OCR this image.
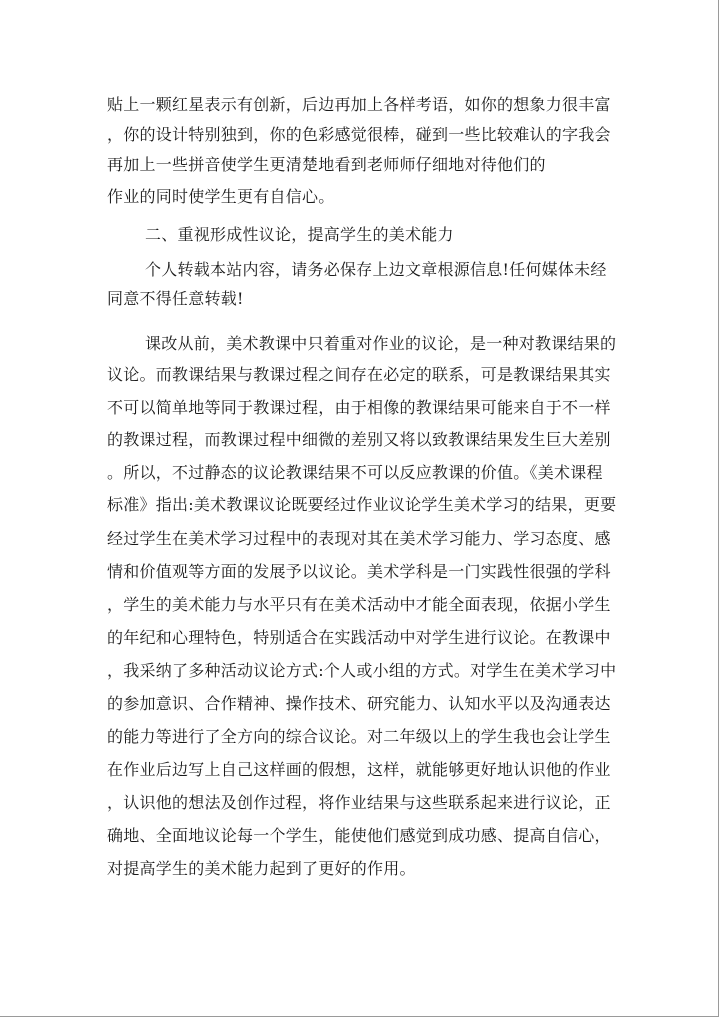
贴上一颗红星表示有创新，后边再加上各样考语，如你的想象力很丰富
，你的设计特别独到，你的色彩感觉很棒，碰到一些比较难认的字我会
再加上一些拼音使学生更清楚地看到老师师仔细地对待他们的
作业的同时使学生更有自信心。
二、重视形成性议论，提高学生的美术能力
个人转载本站内容，请务必保存上边文章根源信息!任何媒体未经
同意不得任意转载!
课改从前，美术教课中只着重对作业的议论，是一种对教课结果的
议论。而教课结果与教课过程之间存在必定的联系，可是教课结果其实
不可以简单地等同于教课过程，由于相像的教课结果可能来自于不一样
的教课过程，而教课过程中细微的差别又将以致教课结果发生巨大差别
。所以，不过静态的议论教课结果不可以反应教课的价值。《美术课程
标准》指出:美术教课议论既要经过作业议论学生美术学习的结果，更要
经过学生在美术学习过程中的表现对其在美术学习能力、学习态度、感
情和价值观等方面的发展予以议论。美术学科是一门实践性很强的学科
，学生的美术能力与水平只有在美术活动中才能全面表现，依据小学生
的年纪和心理特色，特别适合在实践活动中对学生进行议论。在教课中
，我采纳了多种活动议论方式:个人或小组的方式。对学生在美术学习中
的参加意识、合作精神、操作技术、研究能力、认知水平以及沟通表达
的能力等进行了全方向的综合议论。对二年级以上的学生我也会让学生
在作业后边写上自己这样画的假想，这样，就能够更好地认识他的作业
，认识他的想法及创作过程，将作业结果与这些联系起来进行议论，正
确地、全面地议论每一个学生，能使他们感觉到成功感、提高自信心，
对提高学生的美术能力起到了更好的作用。
